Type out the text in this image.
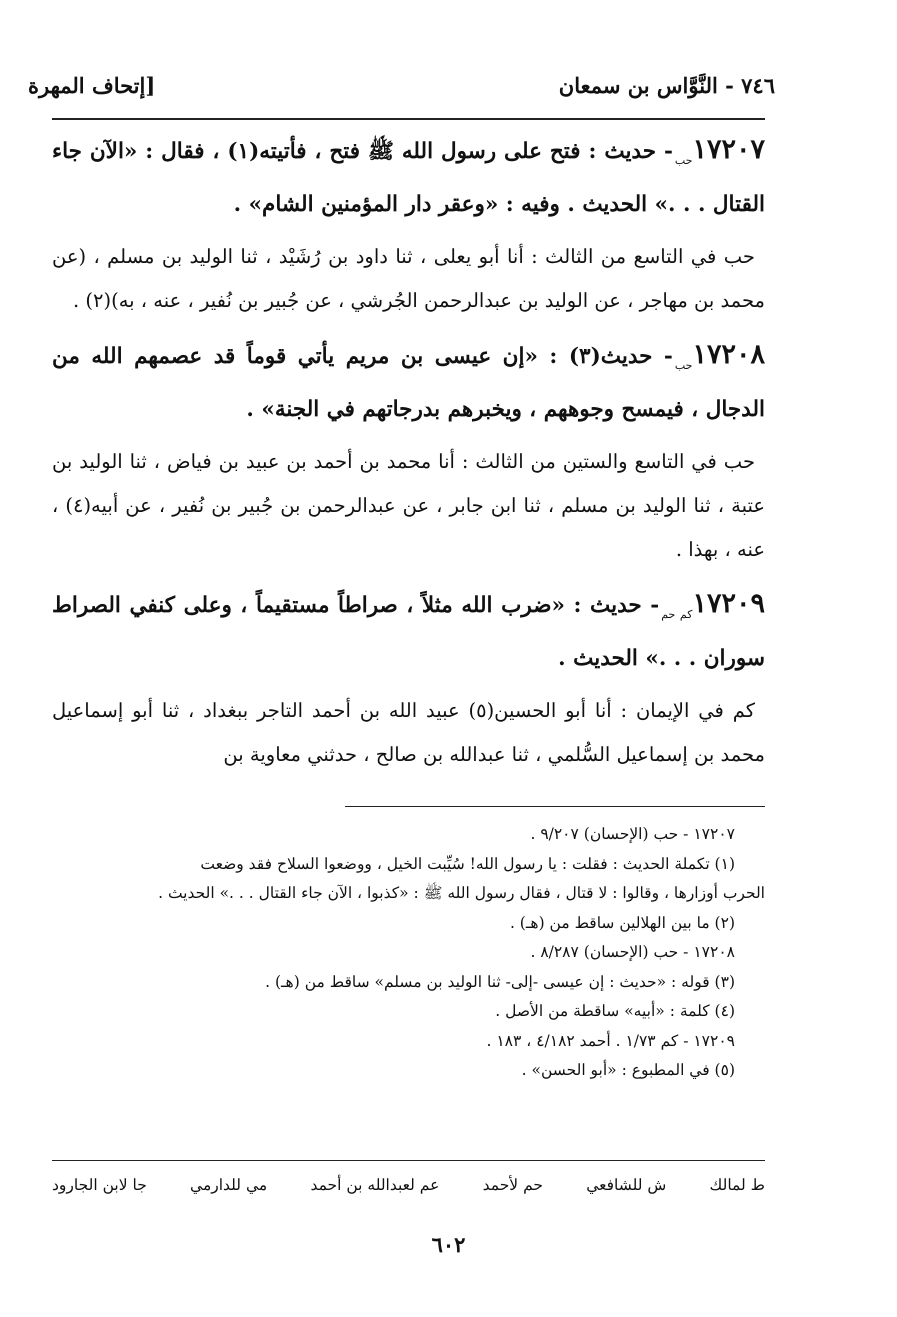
٧٤٦ - النَّوَّاس بن سمعان
[إتحاف المهرة

$١٧٢٠٧_{حب}-$ حديث : فتح على رسول الله ﷺ فتح ، فأتيته(١) ، فقال : «الآن جاء القتال . . .» الحديث . وفيه : «وعقر دار المؤمنين الشام» .

حب في التاسع من الثالث : أنا أبو يعلى ، ثنا داود بن رُشَيْد ، ثنا الوليد بن مسلم ، (عن محمد بن مهاجر ، عن الوليد بن عبدالرحمن الجُرشي ، عن جُبير بن نُفير ، عنه ، به)(٢) .

$١٧٢٠٨_{حب}-$ حديث(٣) : «إن عيسى بن مريم يأتي قوماً قد عصمهم الله من الدجال ، فيمسح وجوههم ، ويخبرهم بدرجاتهم في الجنة» .

حب في التاسع والستين من الثالث : أنا محمد بن أحمد بن عبيد بن فياض ، ثنا الوليد بن عتبة ، ثنا الوليد بن مسلم ، ثنا ابن جابر ، عن عبدالرحمن بن جُبير بن نُفير ، عن أبيه(٤) ، عنه ، بهذا .

$١٧٢٠٩_{كم حم}-$ حديث : «ضرب الله مثلاً ، صراطاً مستقيماً ، وعلى كنفي الصراط سوران . . .» الحديث .

كم في الإيمان : أنا أبو الحسين(٥) عبيد الله بن أحمد التاجر ببغداد ، ثنا أبو إسماعيل محمد بن إسماعيل السُّلمي ، ثنا عبدالله بن صالح ، حدثني معاوية بن

١٧٢٠٧ - حب (الإحسان) ٩/٢٠٧ .

(١) تكملة الحديث : فقلت : يا رسول الله! سُيِّبت الخيل ، ووضعوا السلاح فقد وضعت

الحرب أوزارها ، وقالوا : لا قتال ، فقال رسول الله ﷺ : «كذبوا ، الآن جاء القتال . . .» الحديث .

(٢) ما بين الهلالين ساقط من (هـ) .

١٧٢٠٨ - حب (الإحسان) ٨/٢٨٧ .

(٣) قوله : «حديث : إن عيسى -إلى- ثنا الوليد بن مسلم» ساقط من (هـ) .

(٤) كلمة : «أبيه» ساقطة من الأصل .

١٧٢٠٩ - كم ١/٧٣ . أحمد ٤/١٨٢ ، ١٨٣ .

(٥) في المطبوع : «أبو الحسن» .

ط لمالك
ش للشافعي
حم لأحمد
عم لعبدالله بن أحمد
مي للدارمي
جا لابن الجارود
٦٠٢
